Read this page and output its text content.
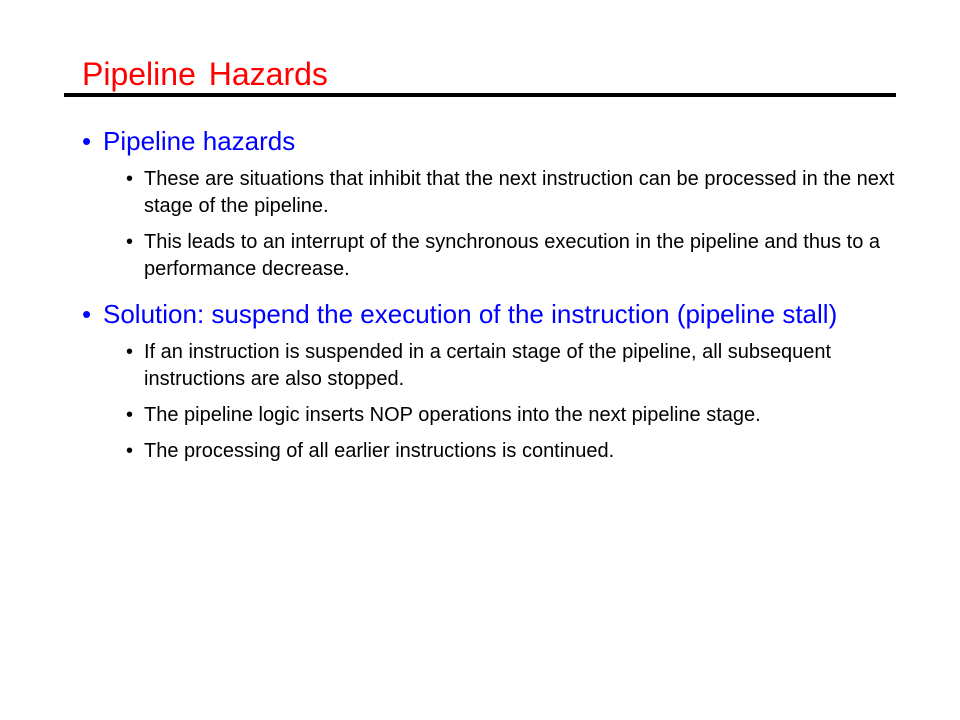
Pipeline Hazards
• Pipeline hazards
• These are situations that inhibit that the next instruction can be processed in the next stage of the pipeline.
• This leads to an interrupt of the synchronous execution in the pipeline and thus to a performance decrease.
• Solution: suspend the execution of the instruction (pipeline stall)
• If an instruction is suspended in a certain stage of the pipeline, all subsequent instructions are also stopped.
• The pipeline logic inserts NOP operations into the next pipeline stage.
• The processing of all earlier instructions is continued.
